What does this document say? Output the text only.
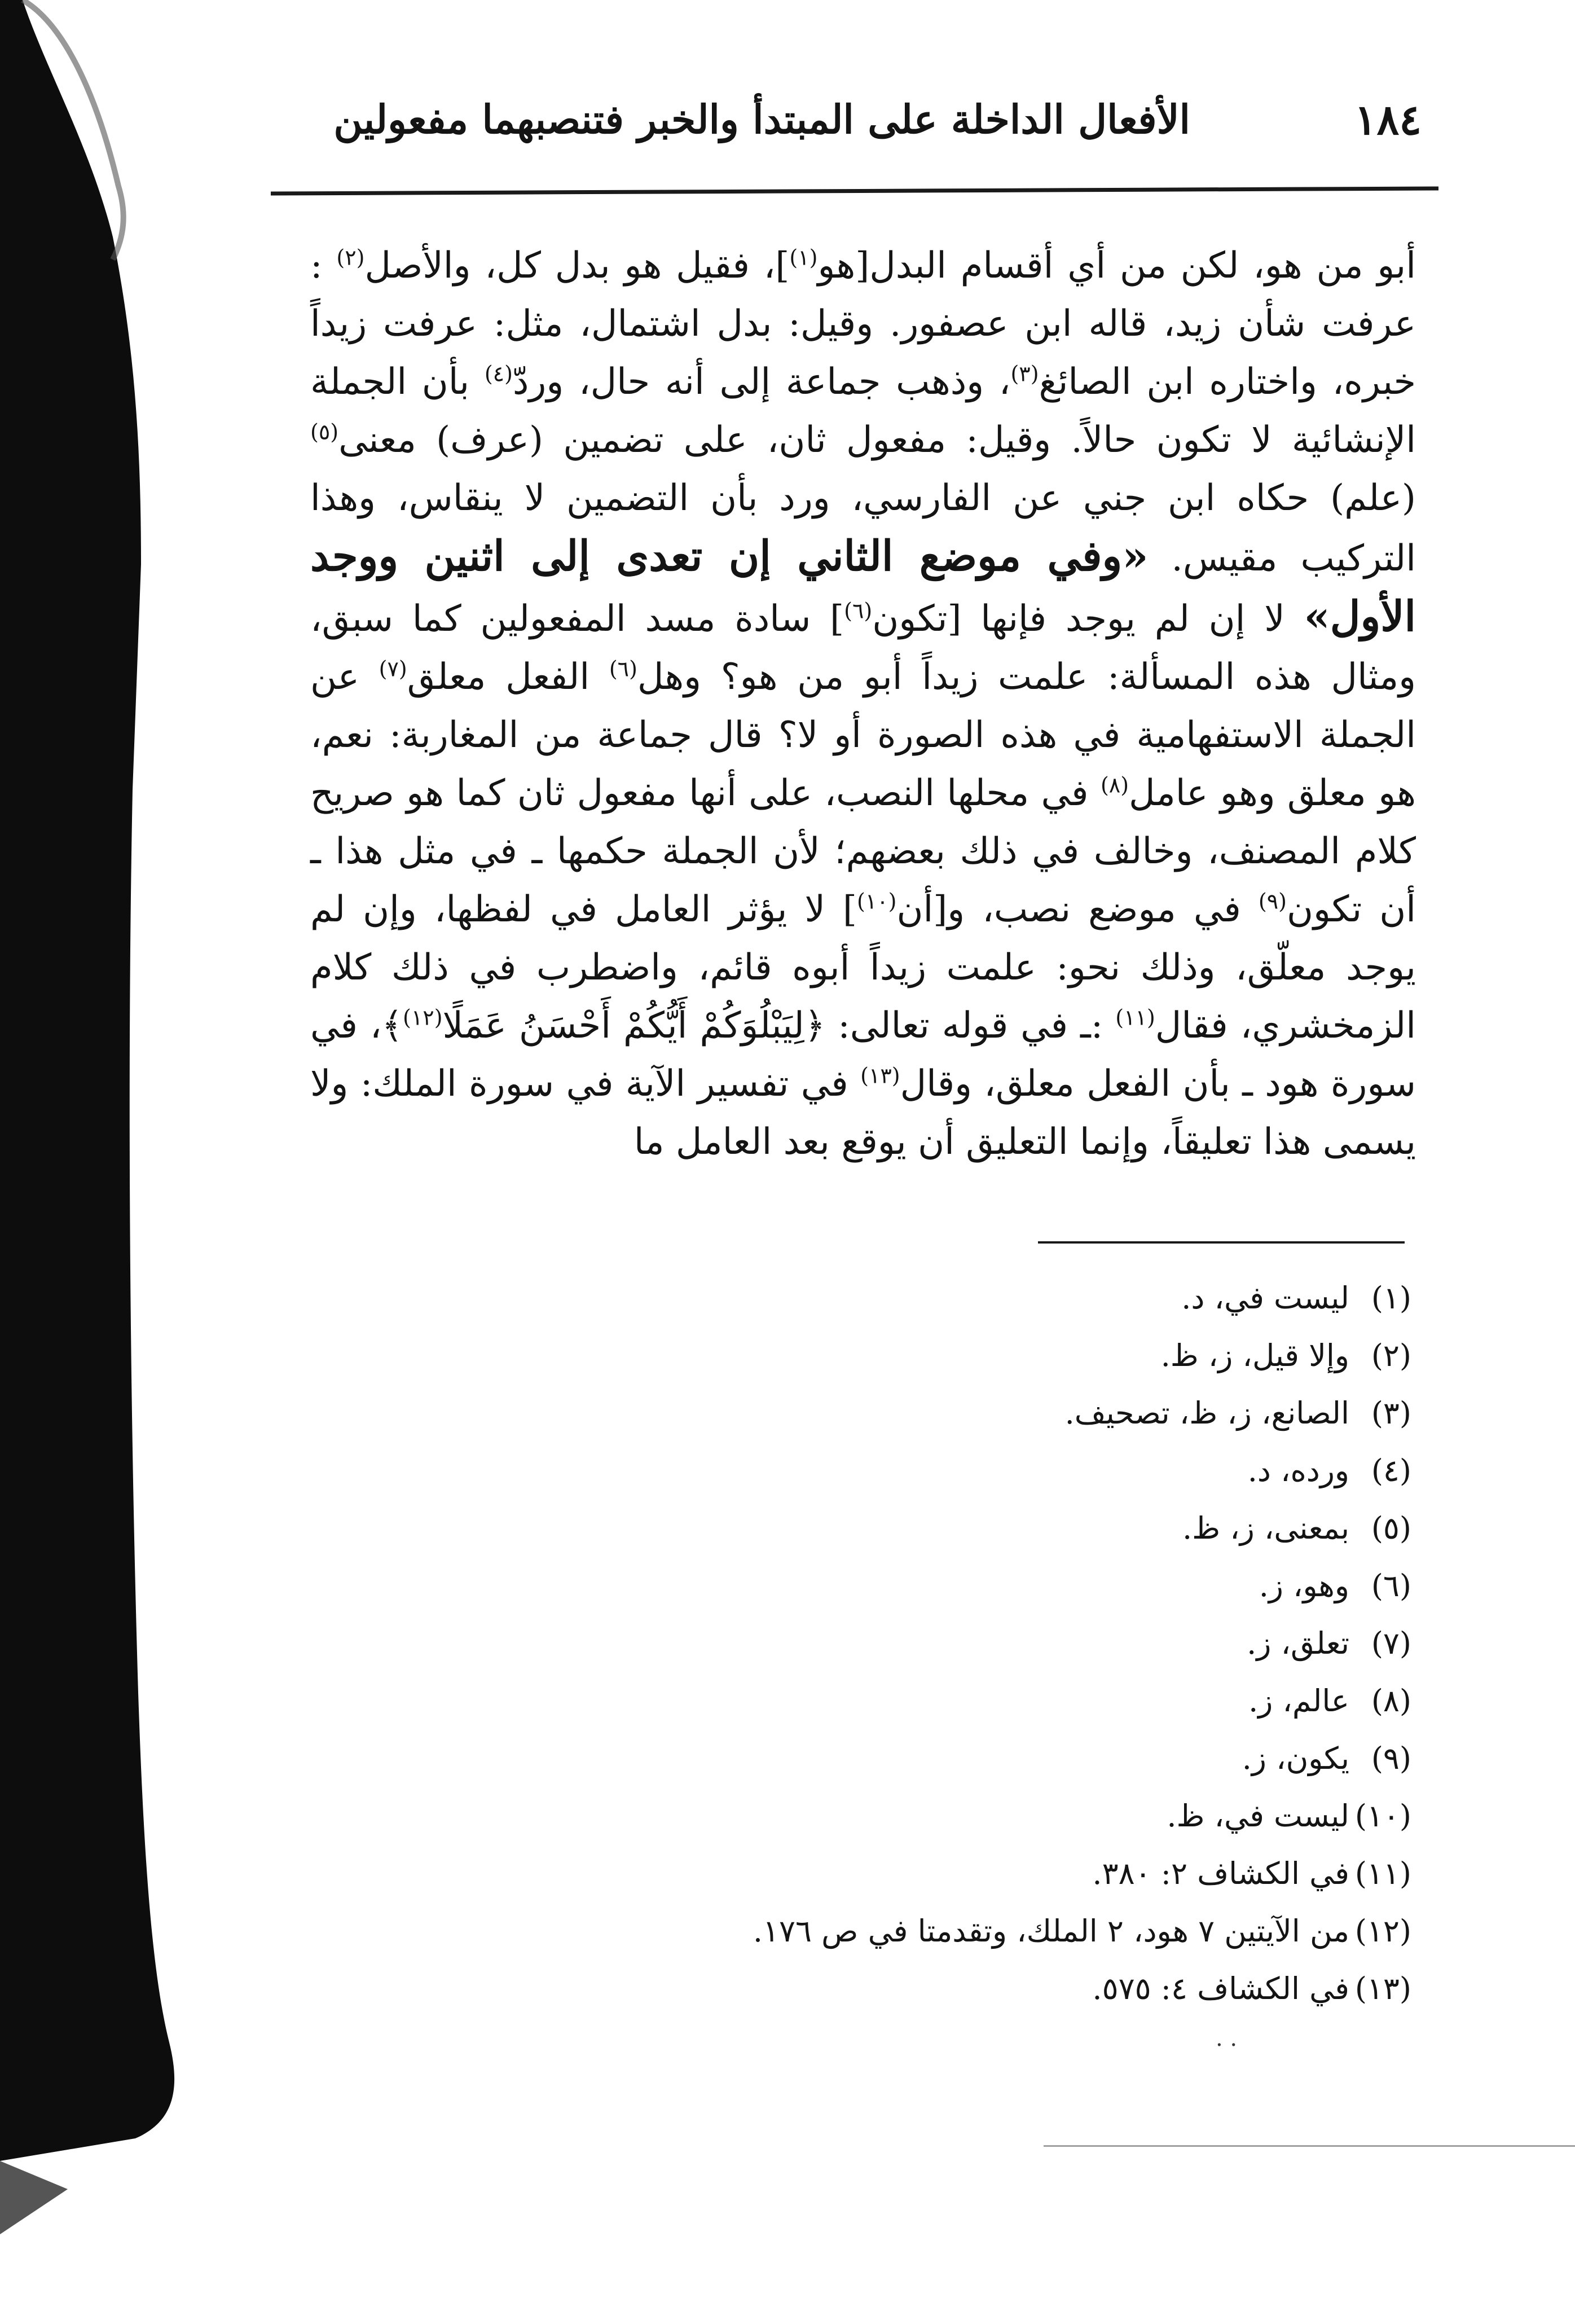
١٨٤
الأفعال الداخلة على المبتدأ والخبر فتنصبهما مفعولين

أبو من هو، لكن من أي أقسام البدل[هو$^{(١)}$]، فقيل هو بدل كل، والأصل$^{(٢)}$ : عرفت شأن زيد، قاله ابن عصفور. وقيل: بدل اشتمال، مثل: عرفت زيداً خبره، واختاره ابن الصائغ$^{(٣)}$، وذهب جماعة إلى أنه حال، وردّ$^{(٤)}$ بأن الجملة الإنشائية لا تكون حالاً. وقيل: مفعول ثان، على تضمين (عرف) معنى$^{(٥)}$ (علم) حكاه ابن جني عن الفارسي، ورد بأن التضمين لا ينقاس، وهذا التركيب مقيس. «وفي موضع الثاني إن تعدى إلى اثنين ووجد الأول» لا إن لم يوجد فإنها [تكون$^{(٦)}$] سادة مسد المفعولين كما سبق، ومثال هذه المسألة: علمت زيداً أبو من هو؟ وهل$^{(٦)}$ الفعل معلق$^{(٧)}$ عن الجملة الاستفهامية في هذه الصورة أو لا؟ قال جماعة من المغاربة: نعم، هو معلق وهو عامل$^{(٨)}$ في محلها النصب، على أنها مفعول ثان كما هو صريح كلام المصنف، وخالف في ذلك بعضهم؛ لأن الجملة حكمها ـ في مثل هذا ـ أن تكون$^{(٩)}$ في موضع نصب، و[أن$^{(١٠)}$] لا يؤثر العامل في لفظها، وإن لم يوجد معلّق، وذلك نحو: علمت زيداً أبوه قائم، واضطرب في ذلك كلام الزمخشري، فقال$^{(١١)}$ :ـ في قوله تعالى: ﴿لِيَبْلُوَكُمْ أَيُّكُمْ أَحْسَنُ عَمَلًا$^{(١٢)}$﴾، في سورة هود ـ بأن الفعل معلق، وقال$^{(١٣)}$ في تفسير الآية في سورة الملك: ولا يسمى هذا تعليقاً، وإنما التعليق أن يوقع بعد العامل ما

(١)ليست في، د.
(٢)وإلا قيل، ز، ظ.
(٣)الصانع، ز، ظ، تصحيف.
(٤)ورده، د.
(٥)بمعنى، ز، ظ.
(٦)وهو، ز.
(٧)تعلق، ز.
(٨)عالم، ز.
(٩)يكون، ز.
(١٠)ليست في، ظ.
(١١)في الكشاف ٢: ٣٨٠.
(١٢)من الآيتين ٧ هود، ٢ الملك، وتقدمتا في ص ١٧٦.
(١٣)في الكشاف ٤: ٥٧٥.
. .
